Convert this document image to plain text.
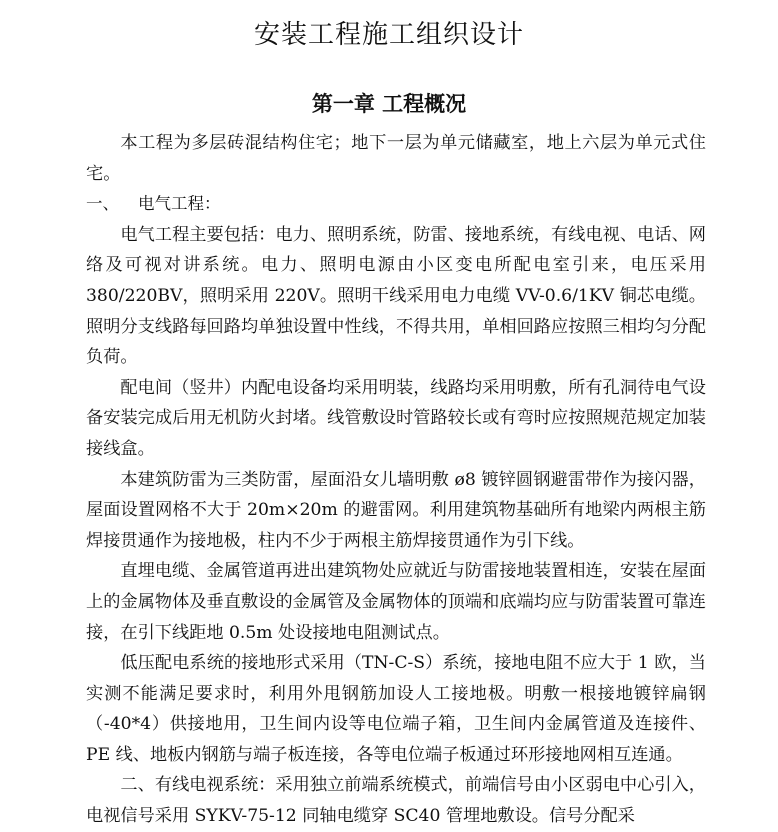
安装工程施工组织设计
第一章 工程概况

本工程为多层砖混结构住宅；地下一层为单元储藏室，地上六层为单元式住宅。

一、 电气工程：

电气工程主要包括：电力、照明系统，防雷、接地系统，有线电视、电话、网络及可视对讲系统。电力、照明电源由小区变电所配电室引来，电压采用 380/220BV，照明采用 220V。照明干线采用电力电缆 VV-0.6/1KV 铜芯电缆。照明分支线路每回路均单独设置中性线，不得共用，单相回路应按照三相均匀分配负荷。

配电间（竖井）内配电设备均采用明装，线路均采用明敷，所有孔洞待电气设备安装完成后用无机防火封堵。线管敷设时管路较长或有弯时应按照规范规定加装接线盒。

本建筑防雷为三类防雷，屋面沿女儿墙明敷 ø8 镀锌圆钢避雷带作为接闪器，屋面设置网格不大于 20m×20m 的避雷网。利用建筑物基础所有地梁内两根主筋焊接贯通作为接地极，柱内不少于两根主筋焊接贯通作为引下线。

直埋电缆、金属管道再进出建筑物处应就近与防雷接地装置相连，安装在屋面上的金属物体及垂直敷设的金属管及金属物体的顶端和底端均应与防雷装置可靠连接，在引下线距地 0.5m 处设接地电阻测试点。

低压配电系统的接地形式采用（TN-C-S）系统，接地电阻不应大于 1 欧，当实测不能满足要求时，利用外甩钢筋加设人工接地极。明敷一根接地镀锌扁钢（-40*4）供接地用，卫生间内设等电位端子箱，卫生间内金属管道及连接件、PE 线、地板内钢筋与端子板连接，各等电位端子板通过环形接地网相互连通。

二、有线电视系统：采用独立前端系统模式，前端信号由小区弱电中心引入，电视信号采用 SYKV-75-12 同轴电缆穿 SC40 管埋地敷设。信号分配采
